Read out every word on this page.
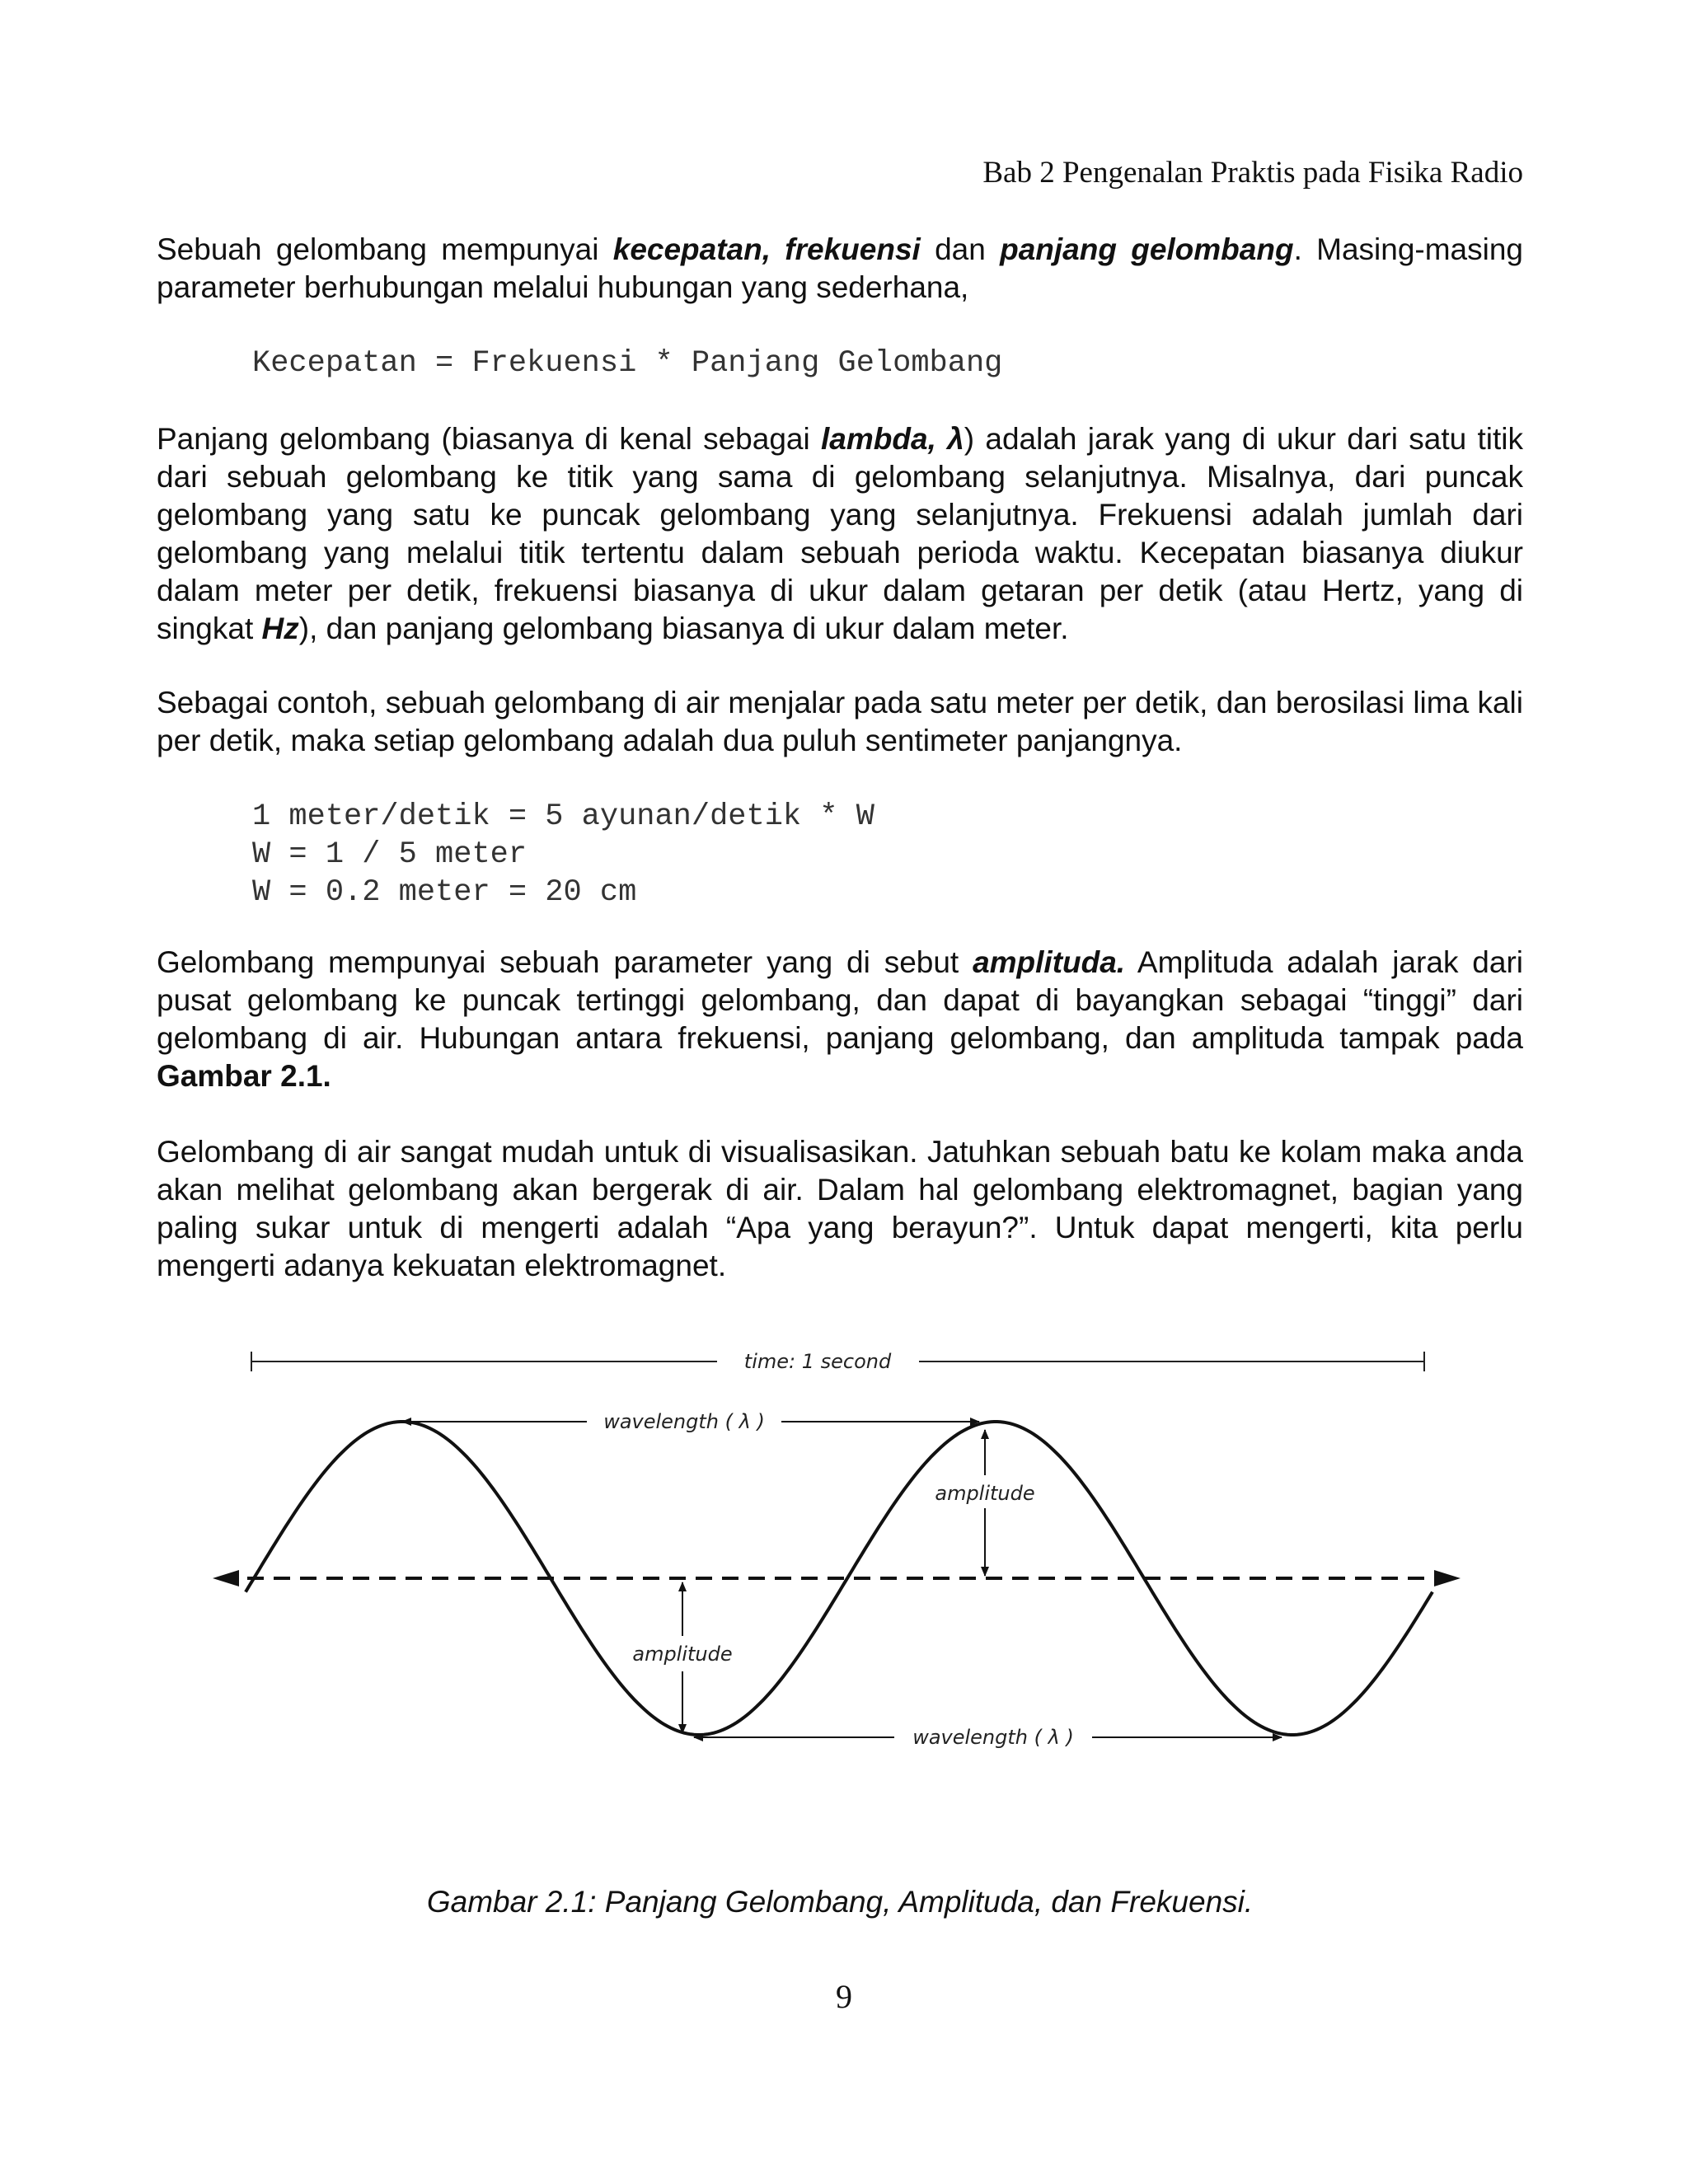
Bab 2 Pengenalan Praktis pada Fisika Radio

Sebuah gelombang mempunyai kecepatan, frekuensi dan panjang gelombang. Masing-masing parameter berhubungan melalui hubungan yang sederhana,

Kecepatan = Frekuensi * Panjang Gelombang

Panjang gelombang (biasanya di kenal sebagai lambda, λ) adalah jarak yang di ukur dari satu titik dari sebuah gelombang ke titik yang sama di gelombang selanjutnya. Misalnya, dari puncak gelombang yang satu ke puncak gelombang yang selanjutnya. Frekuensi adalah jumlah dari gelombang yang melalui titik tertentu dalam sebuah perioda waktu. Kecepatan biasanya diukur dalam meter per detik, frekuensi biasanya di ukur dalam getaran per detik (atau Hertz, yang di singkat Hz), dan panjang gelombang biasanya di ukur dalam meter.

Sebagai contoh, sebuah gelombang di air menjalar pada satu meter per detik, dan berosilasi lima kali per detik, maka setiap gelombang adalah dua puluh sentimeter panjangnya.

1 meter/detik = 5 ayunan/detik * W
W = 1 / 5 meter
W = 0.2 meter = 20 cm

Gelombang mempunyai sebuah parameter yang di sebut amplituda. Amplituda adalah jarak dari pusat gelombang ke puncak tertinggi gelombang, dan dapat di bayangkan sebagai “tinggi” dari gelombang di air. Hubungan antara frekuensi, panjang gelombang, dan amplituda tampak pada Gambar 2.1.

Gelombang di air sangat mudah untuk di visualisasikan. Jatuhkan sebuah batu ke kolam maka anda akan melihat gelombang akan bergerak di air. Dalam hal gelombang elektromagnet, bagian yang paling sukar untuk di mengerti adalah “Apa yang berayun?”. Untuk dapat mengerti, kita perlu mengerti adanya kekuatan elektromagnet.

time: 1 second
wavelength ( λ )
amplitude
amplitude
wavelength ( λ )
Gambar 2.1: Panjang Gelombang, Amplituda, dan Frekuensi.
9
